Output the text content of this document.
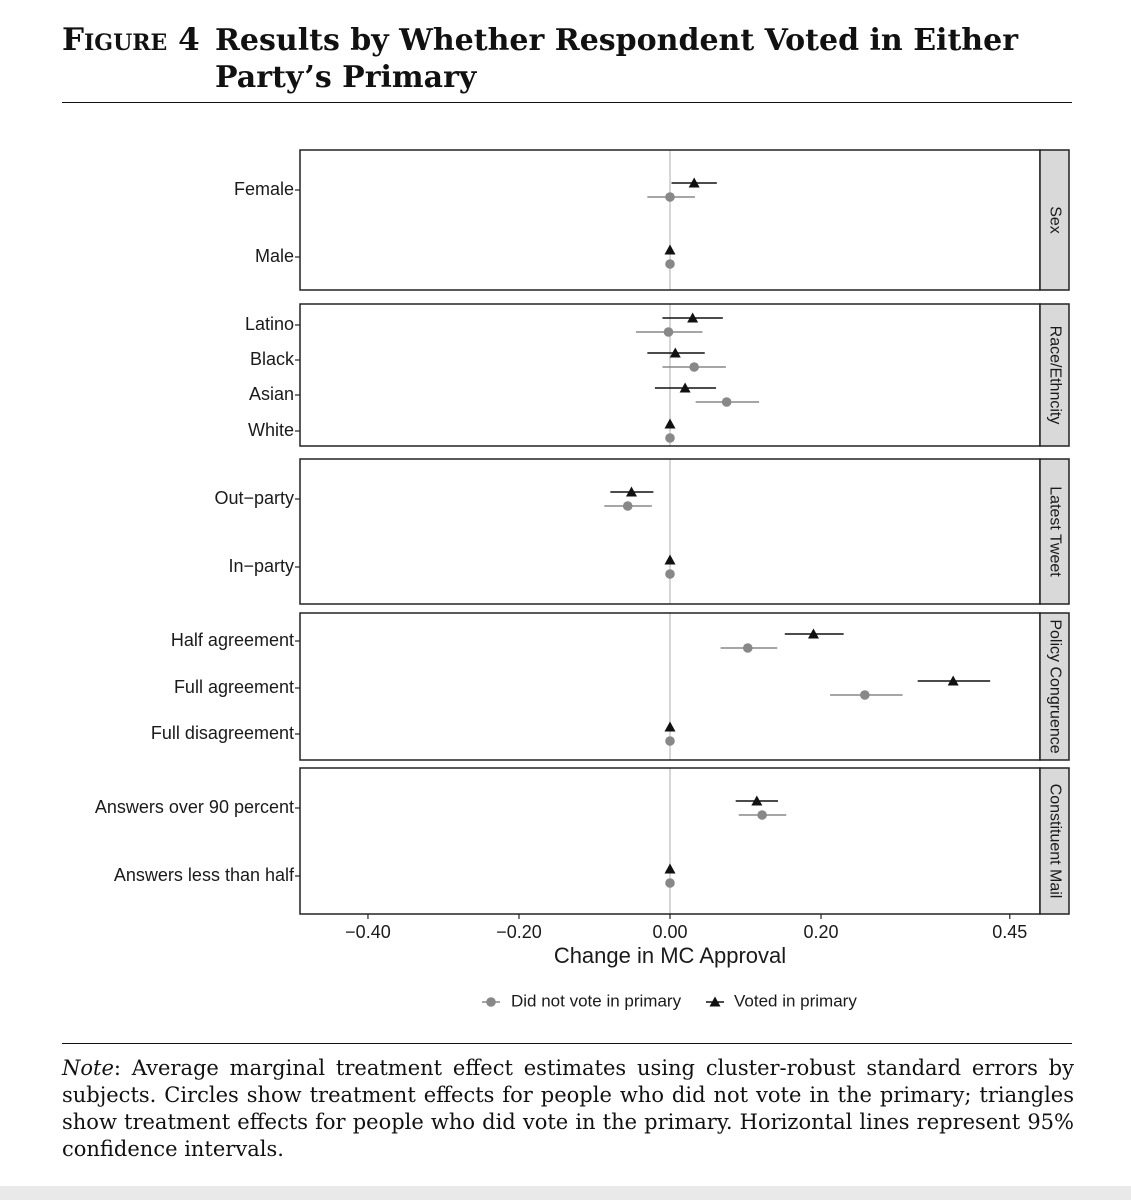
Figure 4 Results by Whether Respondent Voted in Either Party’s Primary
Sex
Female
Male
Race/Ethncity
Latino
Black
Asian
White
Latest Tweet
Out−party
In−party
Policy Congruence
Half agreement
Full agreement
Full disagreement
Constituent Mail
Answers over 90 percent
Answers less than half
−0.40	−0.20	0.00	0.20	0.45
Change in MC Approval
Did not vote in primary	Voted in primary
Note: Average marginal treatment effect estimates using cluster-robust standard errors by subjects. Circles show treatment effects for people who did not vote in the primary; triangles show treatment effects for people who did vote in the primary. Horizontal lines represent 95% confidence intervals.
